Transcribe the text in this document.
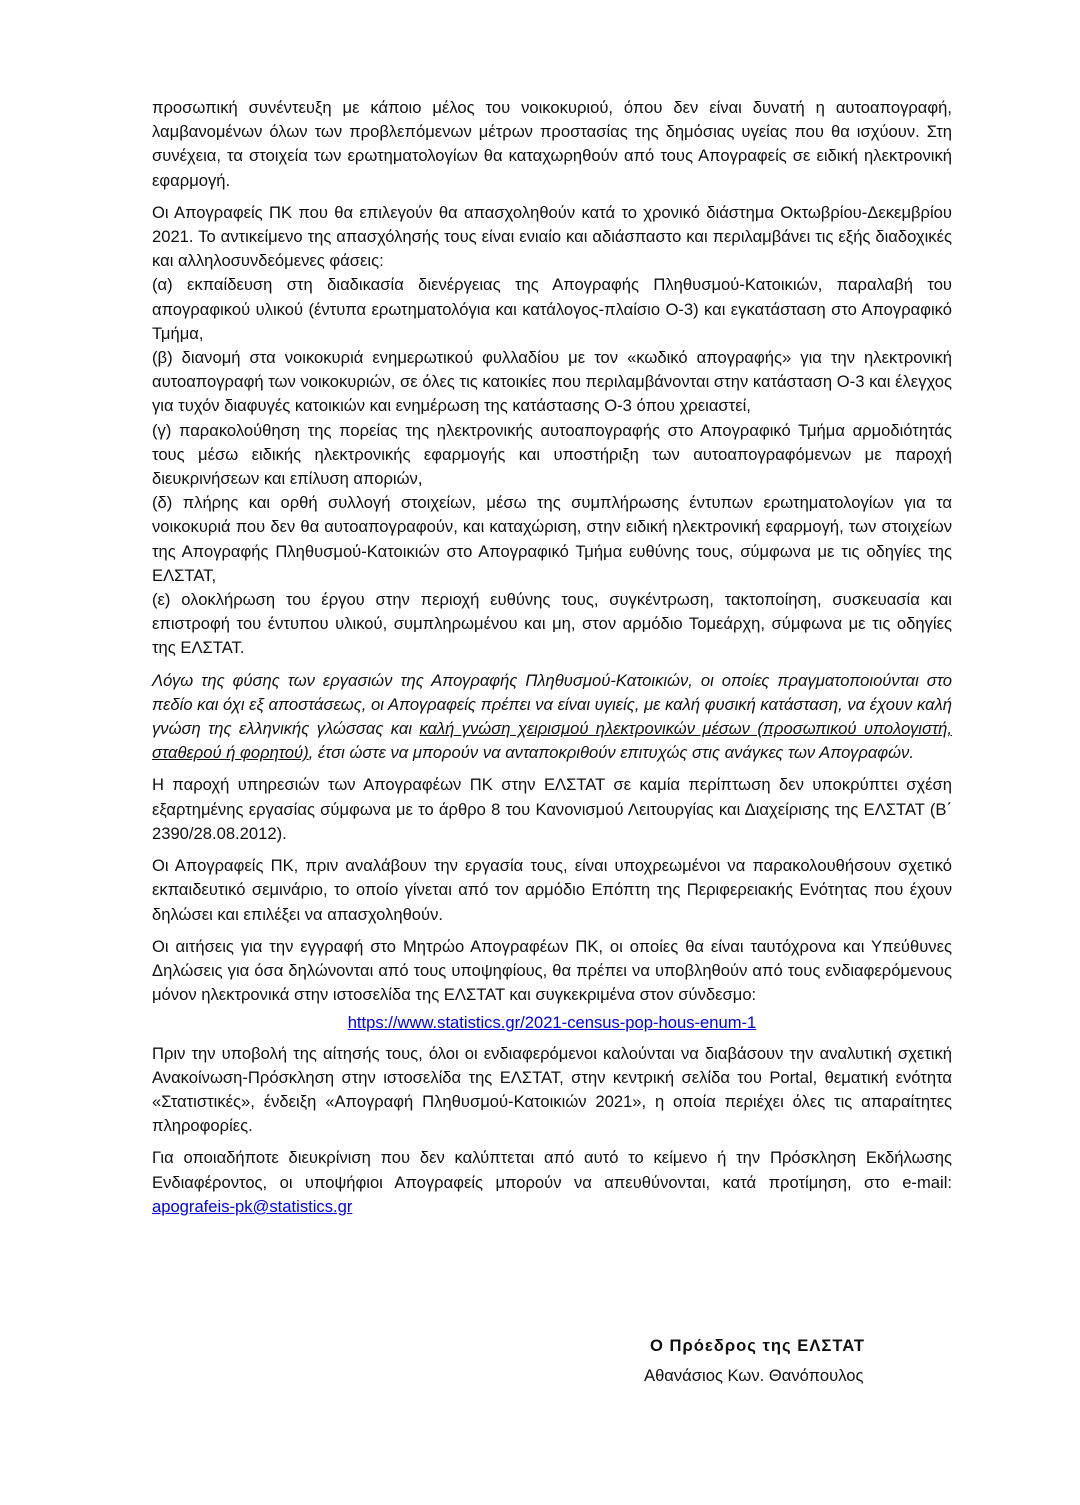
προσωπική συνέντευξη με κάποιο μέλος του νοικοκυριού, όπου δεν είναι δυνατή η αυτοαπογραφή, λαμβανομένων όλων των προβλεπόμενων μέτρων προστασίας της δημόσιας υγείας που θα ισχύουν. Στη συνέχεια, τα στοιχεία των ερωτηματολογίων θα καταχωρηθούν από τους Απογραφείς σε ειδική ηλεκτρονική εφαρμογή.

Οι Απογραφείς ΠΚ που θα επιλεγούν θα απασχοληθούν κατά το χρονικό διάστημα Οκτωβρίου-Δεκεμβρίου 2021. Το αντικείμενο της απασχόλησής τους είναι ενιαίο και αδιάσπαστο και περιλαμβάνει τις εξής διαδοχικές και αλληλοσυνδεόμενες φάσεις:

(α) εκπαίδευση στη διαδικασία διενέργειας της Απογραφής Πληθυσμού-Κατοικιών, παραλαβή του απογραφικού υλικού (έντυπα ερωτηματολόγια και κατάλογος-πλαίσιο Ο-3) και εγκατάσταση στο Απογραφικό Τμήμα,

(β) διανομή στα νοικοκυριά ενημερωτικού φυλλαδίου με τον «κωδικό απογραφής» για την ηλεκτρονική αυτοαπογραφή των νοικοκυριών, σε όλες τις κατοικίες που περιλαμβάνονται στην κατάσταση Ο-3 και έλεγχος για τυχόν διαφυγές κατοικιών και ενημέρωση της κατάστασης Ο-3 όπου χρειαστεί,

(γ) παρακολούθηση της πορείας της ηλεκτρονικής αυτοαπογραφής στο Απογραφικό Τμήμα αρμοδιότητάς τους μέσω ειδικής ηλεκτρονικής εφαρμογής και υποστήριξη των αυτοαπογραφόμενων με παροχή διευκρινήσεων και επίλυση αποριών,

(δ) πλήρης και ορθή συλλογή στοιχείων, μέσω της συμπλήρωσης έντυπων ερωτηματολογίων για τα νοικοκυριά που δεν θα αυτοαπογραφούν, και καταχώριση, στην ειδική ηλεκτρονική εφαρμογή, των στοιχείων της Απογραφής Πληθυσμού-Κατοικιών στο Απογραφικό Τμήμα ευθύνης τους, σύμφωνα με τις οδηγίες της ΕΛΣΤΑΤ,

(ε) ολοκλήρωση του έργου στην περιοχή ευθύνης τους, συγκέντρωση, τακτοποίηση, συσκευασία και επιστροφή του έντυπου υλικού, συμπληρωμένου και μη, στον αρμόδιο Τομεάρχη, σύμφωνα με τις οδηγίες της ΕΛΣΤΑΤ.

Λόγω της φύσης των εργασιών της Απογραφής Πληθυσμού-Κατοικιών, οι οποίες πραγματοποιούνται στο πεδίο και όχι εξ αποστάσεως, οι Απογραφείς πρέπει να είναι υγιείς, με καλή φυσική κατάσταση, να έχουν καλή γνώση της ελληνικής γλώσσας και καλή γνώση χειρισμού ηλεκτρονικών μέσων (προσωπικού υπολογιστή, σταθερού ή φορητού), έτσι ώστε να μπορούν να ανταποκριθούν επιτυχώς στις ανάγκες των Απογραφών.

Η παροχή υπηρεσιών των Απογραφέων ΠΚ στην ΕΛΣΤΑΤ σε καμία περίπτωση δεν υποκρύπτει σχέση εξαρτημένης εργασίας σύμφωνα με το άρθρο 8 του Κανονισμού Λειτουργίας και Διαχείρισης της ΕΛΣΤΑΤ (Β΄ 2390/28.08.2012).

Οι Απογραφείς ΠΚ, πριν αναλάβουν την εργασία τους, είναι υποχρεωμένοι να παρακολουθήσουν σχετικό εκπαιδευτικό σεμινάριο, το οποίο γίνεται από τον αρμόδιο Επόπτη της Περιφερειακής Ενότητας που έχουν δηλώσει και επιλέξει να απασχοληθούν.

Οι αιτήσεις για την εγγραφή στο Μητρώο Απογραφέων ΠΚ, οι οποίες θα είναι ταυτόχρονα και Υπεύθυνες Δηλώσεις για όσα δηλώνονται από τους υποψηφίους, θα πρέπει να υποβληθούν από τους ενδιαφερόμενους μόνον ηλεκτρονικά στην ιστοσελίδα της ΕΛΣΤΑΤ και συγκεκριμένα στον σύνδεσμο:

https://www.statistics.gr/2021-census-pop-hous-enum-1

Πριν την υποβολή της αίτησής τους, όλοι οι ενδιαφερόμενοι καλούνται να διαβάσουν την αναλυτική σχετική Ανακοίνωση-Πρόσκληση στην ιστοσελίδα της ΕΛΣΤΑΤ, στην κεντρική σελίδα του Portal, θεματική ενότητα «Στατιστικές», ένδειξη «Απογραφή Πληθυσμού-Κατοικιών 2021», η οποία περιέχει όλες τις απαραίτητες πληροφορίες.

Για οποιαδήποτε διευκρίνιση που δεν καλύπτεται από αυτό το κείμενο ή την Πρόσκληση Εκδήλωσης Ενδιαφέροντος, οι υποψήφιοι Απογραφείς μπορούν να απευθύνονται, κατά προτίμηση, στο e-mail: apografeis-pk@statistics.gr

Ο Πρόεδρος της ΕΛΣΤΑΤ

Αθανάσιος Κων. Θανόπουλος
